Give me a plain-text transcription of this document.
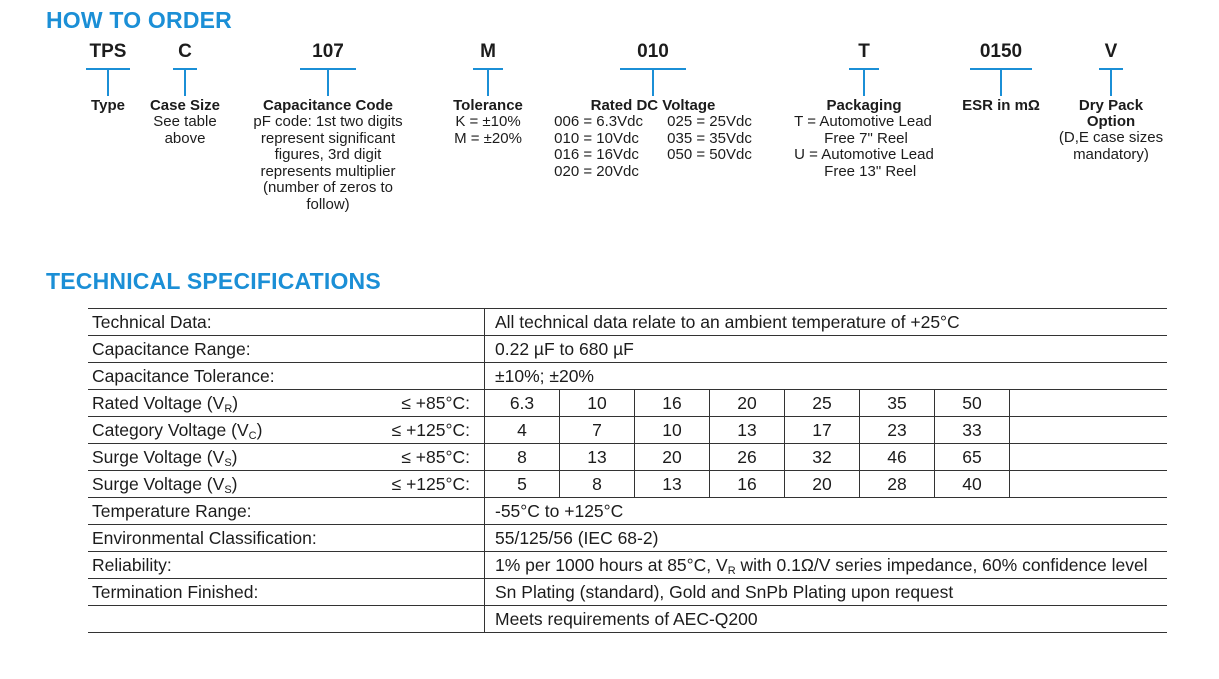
HOW TO ORDER
TPS
Type
C
Case Size
See table
above
107
Capacitance Code
pF code: 1st two digits
represent significant
figures, 3rd digit
represents multiplier
(number of zeros to
follow)
M
Tolerance
K = ±10%
M = ±20%
010
Rated DC Voltage
006 = 6.3Vdc 025 = 25Vdc
010 = 10Vdc 035 = 35Vdc
016 = 16Vdc 050 = 50Vdc
020 = 20Vdc
T
Packaging
T = Automotive Lead
Free 7" Reel
U = Automotive Lead
Free 13" Reel
0150
ESR in mΩ
V
Dry Pack
Option
(D,E case sizes
mandatory)
TECHNICAL SPECIFICATIONS
Technical Data:		All technical data relate to an ambient temperature of +25°C							
Capacitance Range:		0.22 µF to 680 µF							
Capacitance Tolerance:		±10%; ±20%							
Rated Voltage $(V_R)$	≤ +85°C:	6.3	10	16	20	25	35	50	
Category Voltage $(V_C)$	≤ +125°C:	4	7	10	13	17	23	33	
Surge Voltage $(V_S)$	≤ +85°C:	8	13	20	26	32	46	65	
Surge Voltage $(V_S)$	≤ +125°C:	5	8	13	16	20	28	40	
Temperature Range:		-55°C to +125°C							
Environmental Classification:		55/125/56 (IEC 68-2)							
Reliability:		1% per 1000 hours at 85°C, $V_R$ with 0.1Ω/V series impedance, 60% confidence level							
Termination Finished:		Sn Plating (standard), Gold and SnPb Plating upon request							
		Meets requirements of AEC-Q200							
